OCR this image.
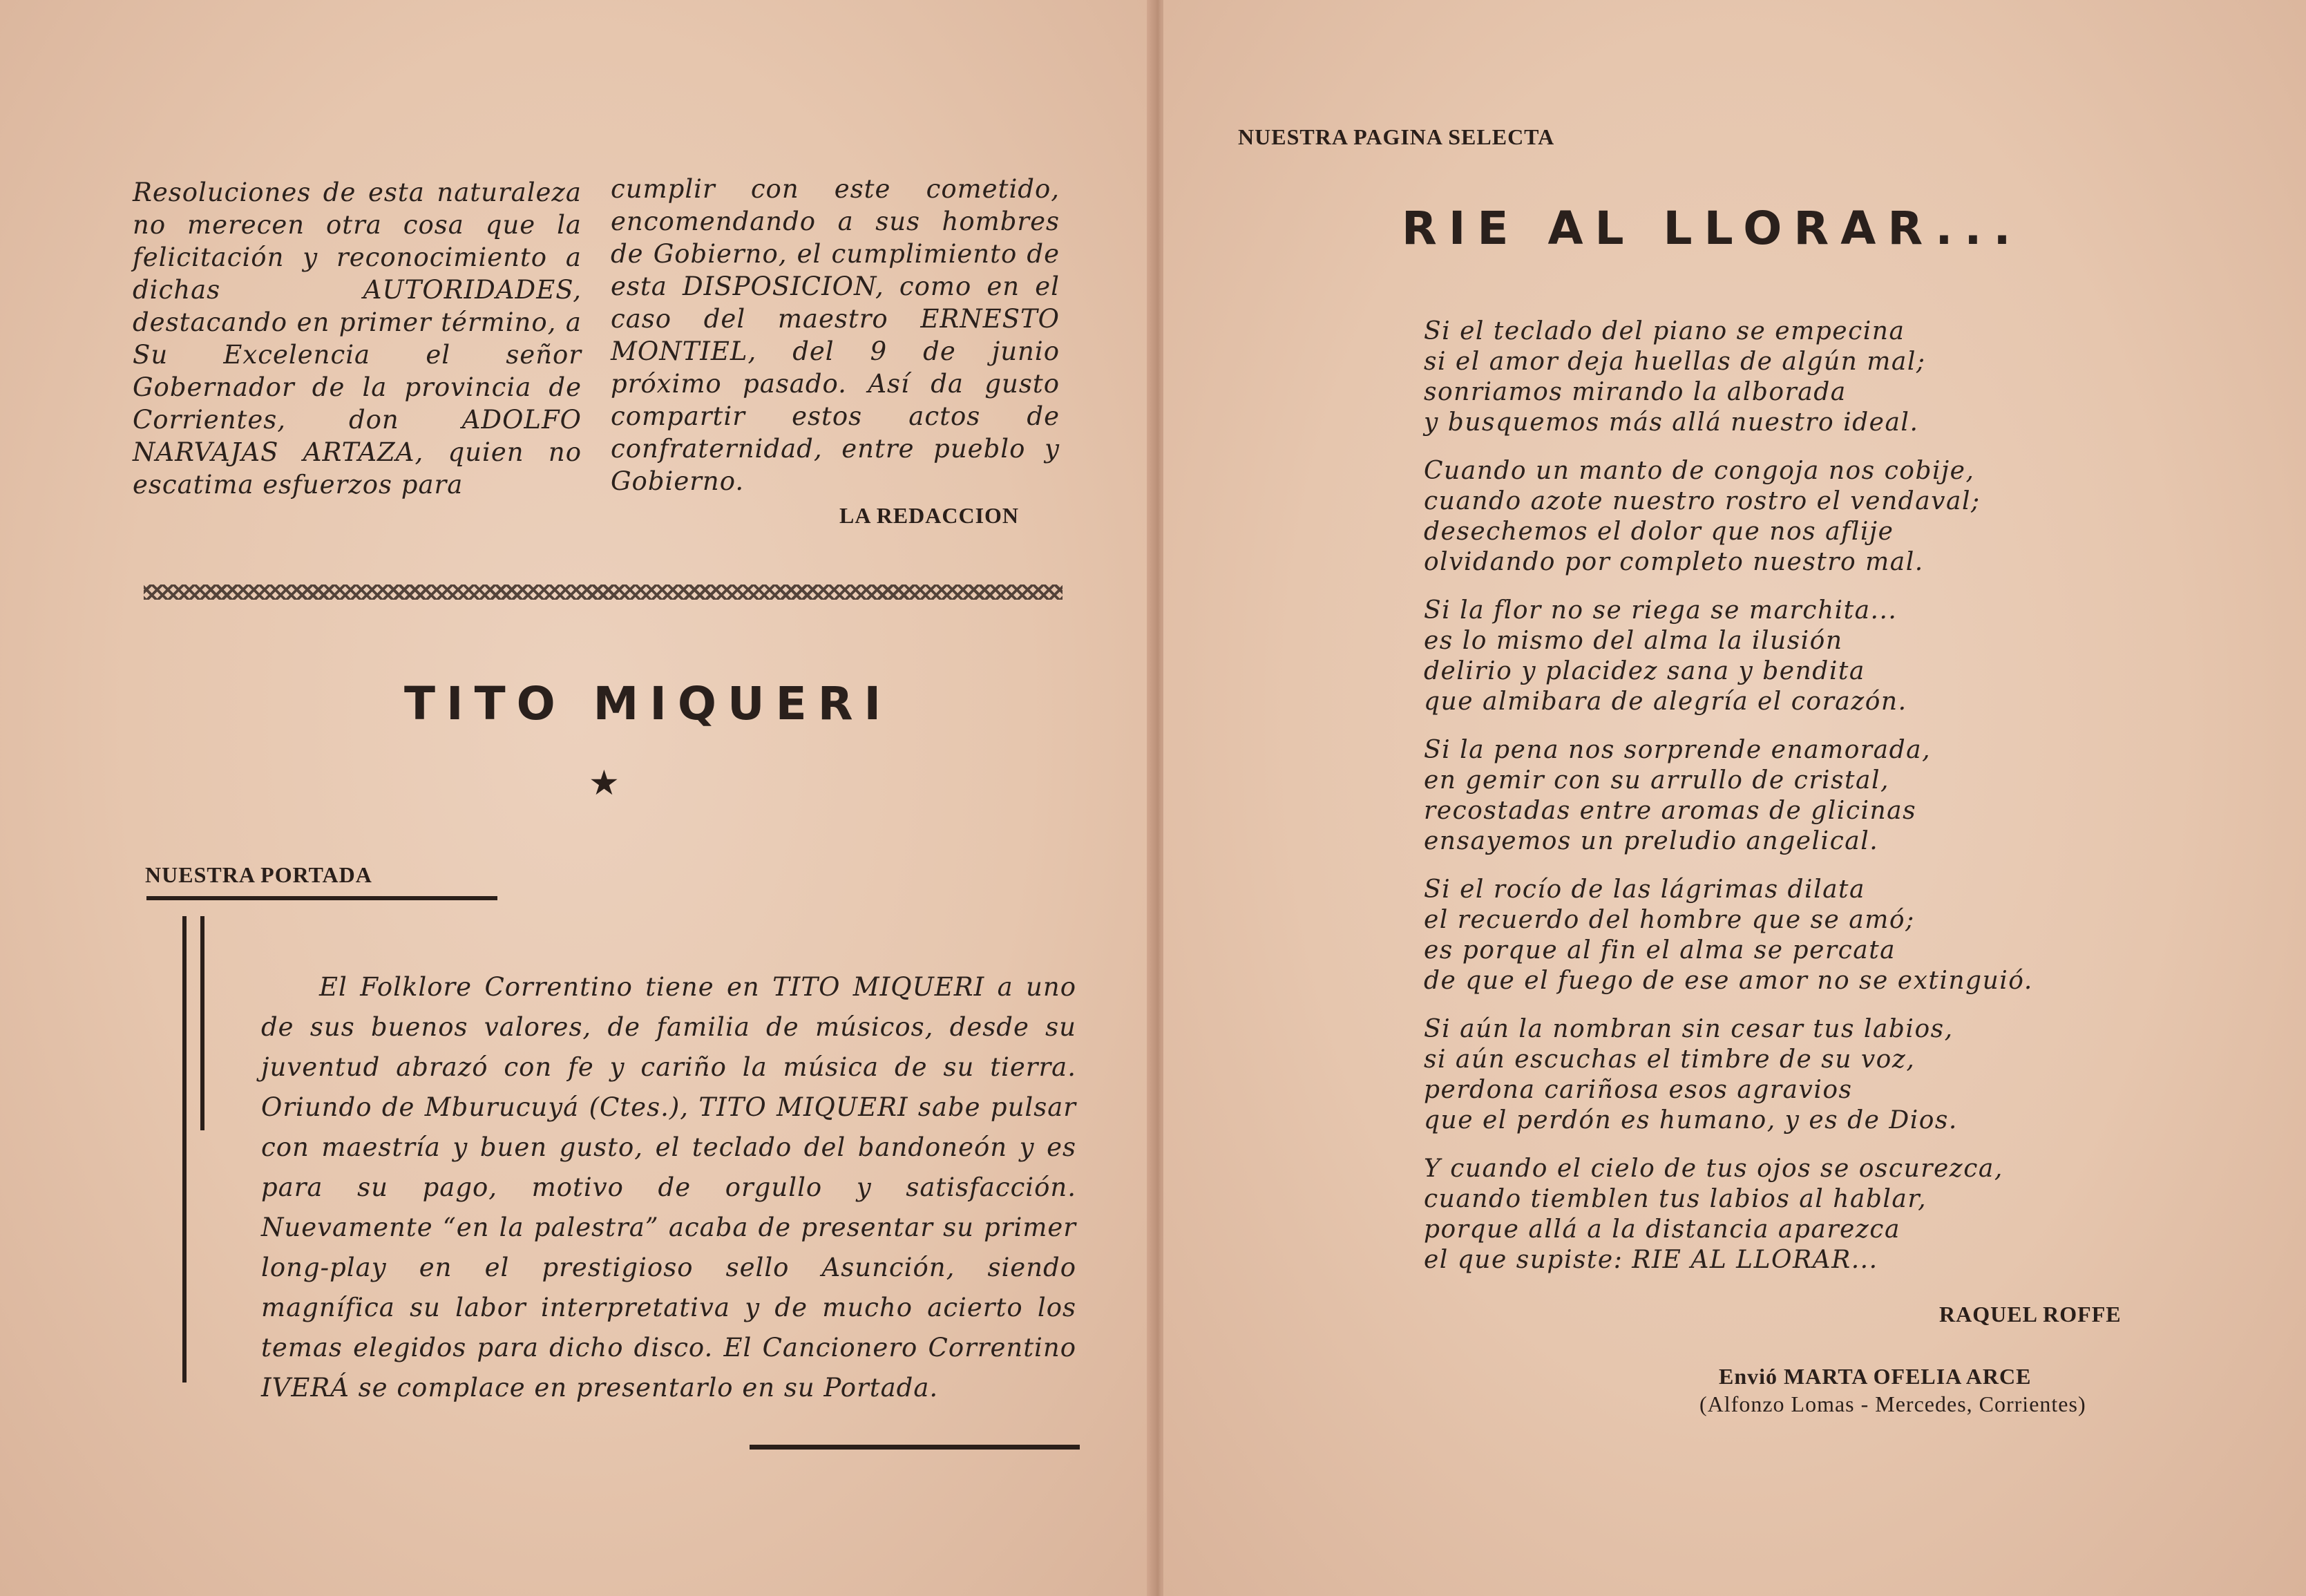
Resoluciones de esta naturaleza no merecen otra cosa que la felicitación y reconocimiento a dichas AUTORIDADES, destacando en primer término, a Su Excelencia el señor Gobernador de la provincia de Corrientes, don ADOLFO NARVAJAS ARTAZA, quien no escatima esfuerzos para

cumplir con este cometido, encomendando a sus hombres de Gobierno, el cumplimiento de esta DISPOSICION, como en el caso del maestro ERNESTO MONTIEL, del 9 de junio próximo pasado. Así da gusto compartir estos actos de confraternidad, entre pueblo y Gobierno.

LA REDACCION
TITO MIQUERI
★
NUESTRA PORTADA

El Folklore Correntino tiene en TITO MIQUERI a uno de sus buenos valores, de familia de músicos, desde su juventud abrazó con fe y cariño la música de su tierra. Oriundo de Mburucuyá (Ctes.), TITO MIQUERI sabe pulsar con maestría y buen gusto, el teclado del bandoneón y es para su pago, motivo de orgullo y satisfacción. Nuevamente “en la palestra” acaba de presentar su primer long-play en el prestigioso sello Asunción, siendo magnífica su labor interpretativa y de mucho acierto los temas elegidos para dicho disco. El Cancionero Correntino IVERÁ se complace en presentarlo en su Portada.

NUESTRA PAGINA SELECTA
RIE AL LLORAR...
Si el teclado del piano se empecina
si el amor deja huellas de algún mal;
sonriamos mirando la alborada
y busquemos más allá nuestro ideal.
Cuando un manto de congoja nos cobije,
cuando azote nuestro rostro el vendaval;
desechemos el dolor que nos aflije
olvidando por completo nuestro mal.
Si la flor no se riega se marchita...
es lo mismo del alma la ilusión
delirio y placidez sana y bendita
que almibara de alegría el corazón.
Si la pena nos sorprende enamorada,
en gemir con su arrullo de cristal,
recostadas entre aromas de glicinas
ensayemos un preludio angelical.
Si el rocío de las lágrimas dilata
el recuerdo del hombre que se amó;
es porque al fin el alma se percata
de que el fuego de ese amor no se extinguió.
Si aún la nombran sin cesar tus labios,
si aún escuchas el timbre de su voz,
perdona cariñosa esos agravios
que el perdón es humano, y es de Dios.
Y cuando el cielo de tus ojos se oscurezca,
cuando tiemblen tus labios al hablar,
porque allá a la distancia aparezca
el que supiste: RIE AL LLORAR...
RAQUEL ROFFE
Envió MARTA OFELIA ARCE
(Alfonzo Lomas - Mercedes, Corrientes)
